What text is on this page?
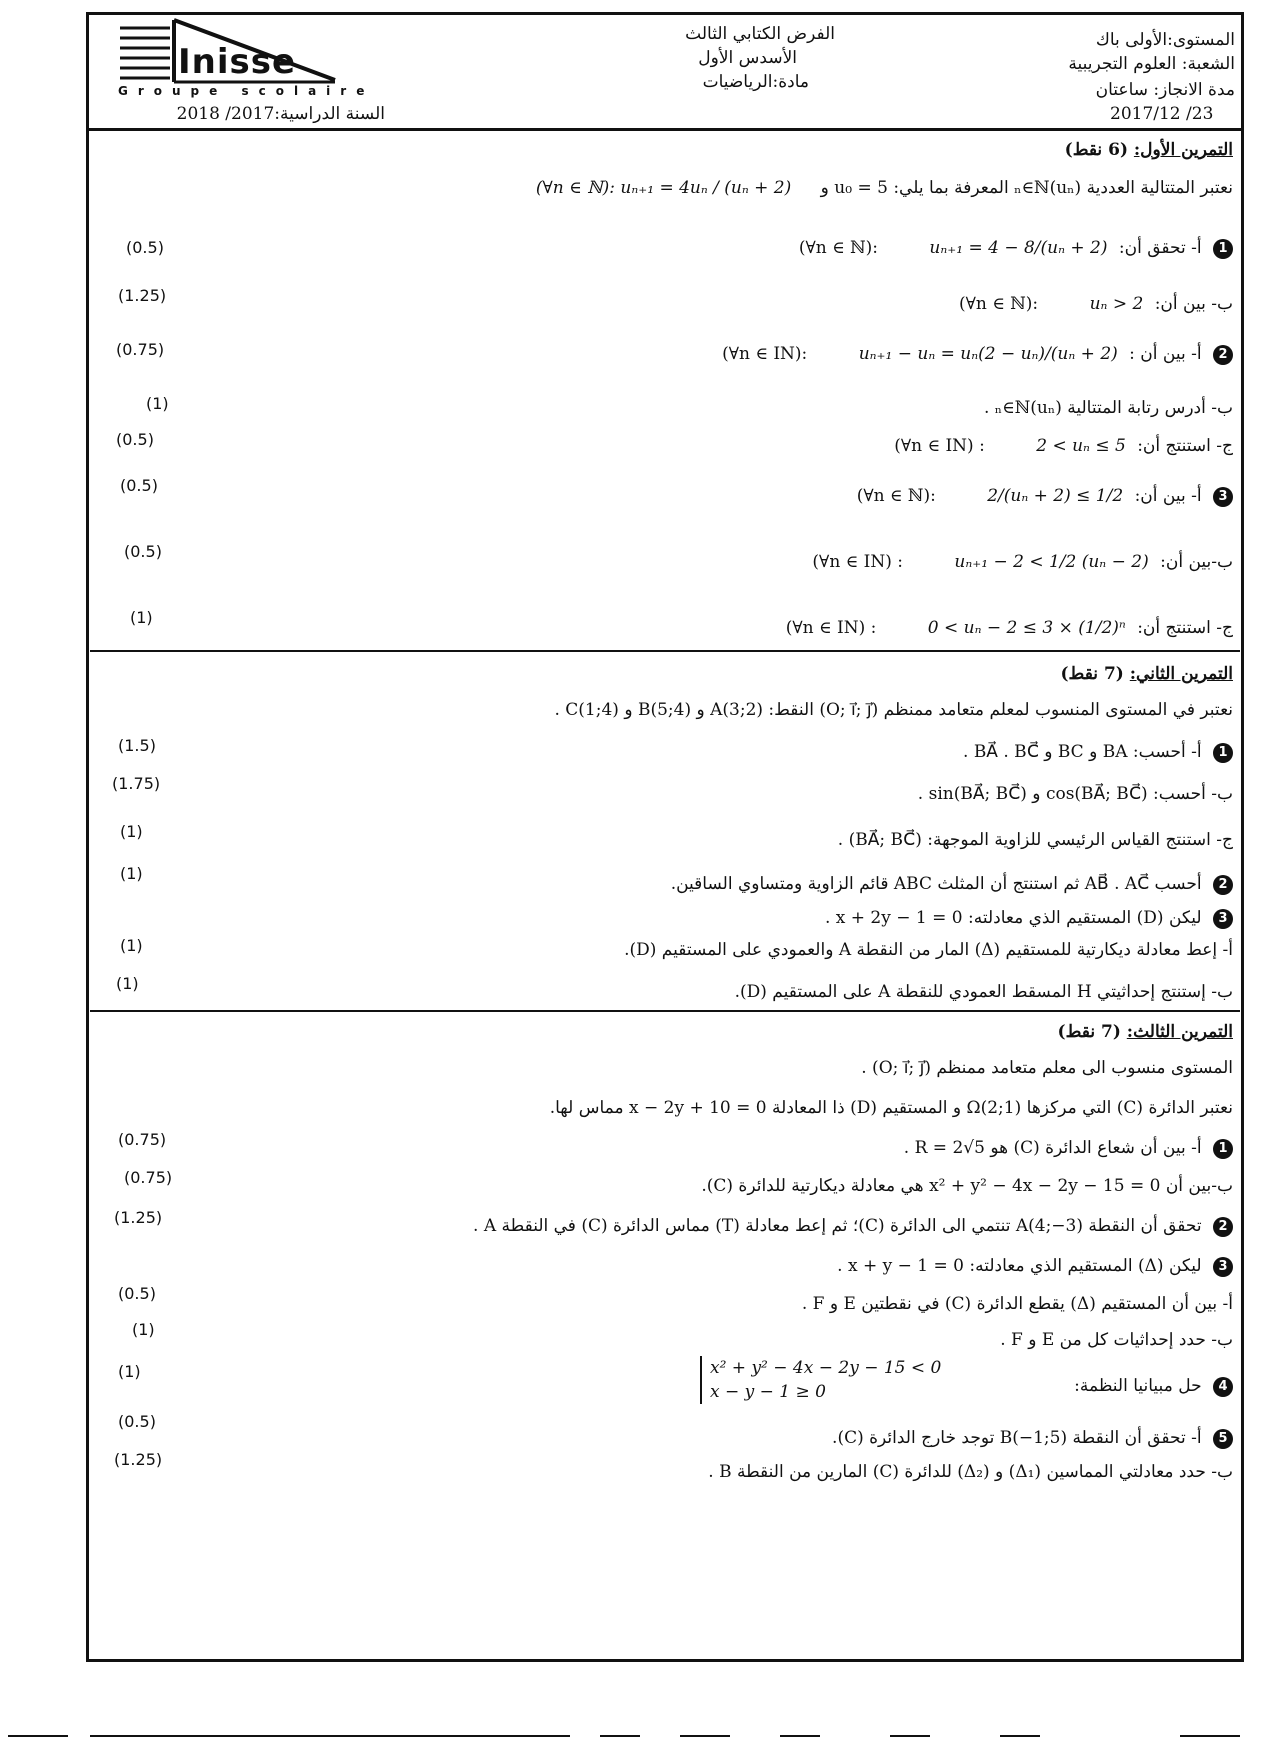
Inisse
Groupe scolaire
المستوى:الأولى باك
الشعبة: العلوم التجريبية
مدة الانجاز: ساعتان
2017/12 /23
الفرض الكتابي الثالث
الأسدس الأول
مادة:الرياضيات
السنة الدراسية:2017/ 2018
التمرين الأول: (6 نقط)
نعتبر المتتالية العددية (uₙ)ₙ∈ℕ المعرفة بما يلي: u₀ = 5 و (∀n ∈ ℕ): uₙ₊₁ = 4uₙ / (uₙ + 2)
1 أ- تحقق أن: uₙ₊₁ = 4 − 8/(uₙ + 2) (∀n ∈ ℕ):
(0.5)
ب- بين أن: uₙ > 2 (∀n ∈ ℕ):
(1.25)
2 أ- بين أن : uₙ₊₁ − uₙ = uₙ(2 − uₙ)/(uₙ + 2) (∀n ∈ IN):
(0.75)
ب- أدرس رتابة المتتالية (uₙ)ₙ∈ℕ .
(1)
ج- استنتج أن: 2 < uₙ ≤ 5 (∀n ∈ IN) :
(0.5)
3 أ- بين أن: 2/(uₙ + 2) ≤ 1/2 (∀n ∈ ℕ):
(0.5)
ب-بين أن: uₙ₊₁ − 2 < 1/2 (uₙ − 2) (∀n ∈ IN) :
(0.5)
ج- استنتج أن: 0 < uₙ − 2 ≤ 3 × (1/2)ⁿ (∀n ∈ IN) :
(1)
التمرين الثاني: (7 نقط)
نعتبر في المستوى المنسوب لمعلم متعامد ممنظم (O; i⃗; j⃗) النقط: A(3;2) و B(5;4) و C(1;4) .
1 أ- أحسب: BA و BC و BA⃗ . BC⃗ .
(1.5)
ب- أحسب: cos(BA⃗; BC⃗) و sin(BA⃗; BC⃗) .
(1.75)
ج- استنتج القياس الرئيسي للزاوية الموجهة: (BA⃗; BC⃗) .
(1)
2 أحسب AB⃗ . AC⃗ ثم استنتج أن المثلث ABC قائم الزاوية ومتساوي الساقين.
(1)
3 ليكن (D) المستقيم الذي معادلته: x + 2y − 1 = 0 .
أ- إعط معادلة ديكارتية للمستقيم (Δ) المار من النقطة A والعمودي على المستقيم (D).
(1)
ب- إستنتج إحداثيتي H المسقط العمودي للنقطة A على المستقيم (D).
(1)
التمرين الثالث: (7 نقط)
المستوى منسوب الى معلم متعامد ممنظم (O; i⃗; j⃗) .
نعتبر الدائرة (C) التي مركزها Ω(2;1) و المستقيم (D) ذا المعادلة x − 2y + 10 = 0 مماس لها.
1 أ- بين أن شعاع الدائرة (C) هو R = 2√5 .
(0.75)
ب-بين أن x² + y² − 4x − 2y − 15 = 0 هي معادلة ديكارتية للدائرة (C).
(0.75)
2 تحقق أن النقطة A(4;−3) تنتمي الى الدائرة (C)؛ ثم إعط معادلة (T) مماس الدائرة (C) في النقطة A .
(1.25)
3 ليكن (Δ) المستقيم الذي معادلته: x + y − 1 = 0 .
أ- بين أن المستقيم (Δ) يقطع الدائرة (C) في نقطتين E و F .
(0.5)
ب- حدد إحداثيات كل من E و F .
(1)
4 حل مبيانيا النظمة:
x² + y² − 4x − 2y − 15 < 0
x − y − 1 ≥ 0
(1)
5 أ- تحقق أن النقطة B(−1;5) توجد خارج الدائرة (C).
(0.5)
ب- حدد معادلتي المماسين (Δ₁) و (Δ₂) للدائرة (C) المارين من النقطة B .
(1.25)
